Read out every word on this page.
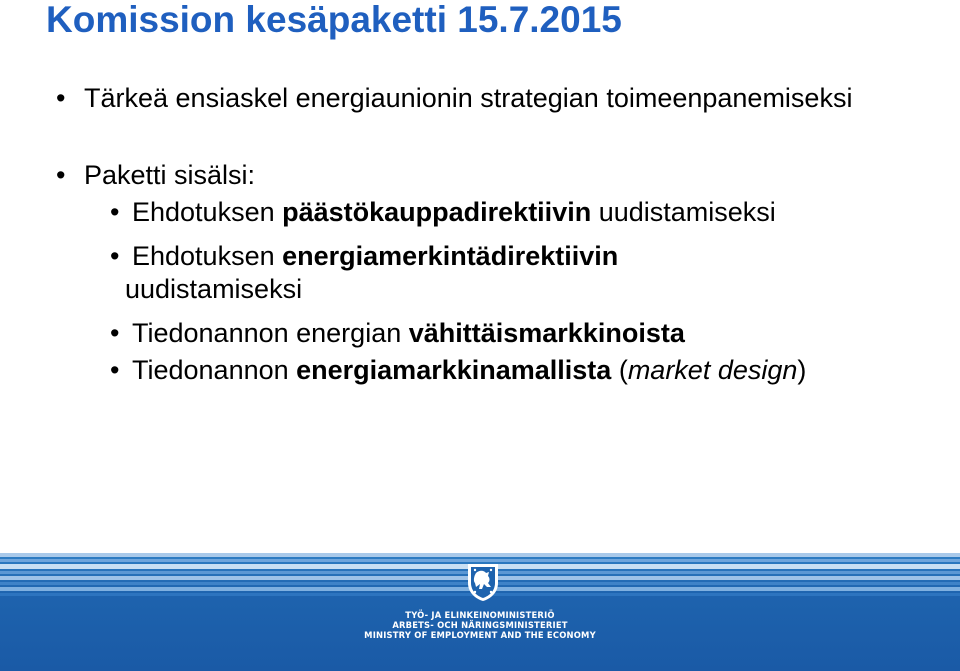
Komission kesäpaketti 15.7.2015
• Tärkeä ensiaskel energiaunionin strategian toimeenpanemiseksi
• Paketti sisälsi:
• Ehdotuksen päästökauppadirektiivin uudistamiseksi
• Ehdotuksen energiamerkintädirektiivin
uudistamiseksi
• Tiedonannon energian vähittäismarkkinoista
• Tiedonannon energiamarkkinamallista (market design)
TYÖ- JA ELINKEINOMINISTERIÖ
ARBETS- OCH NÄRINGSMINISTERIET
MINISTRY OF EMPLOYMENT AND THE ECONOMY
